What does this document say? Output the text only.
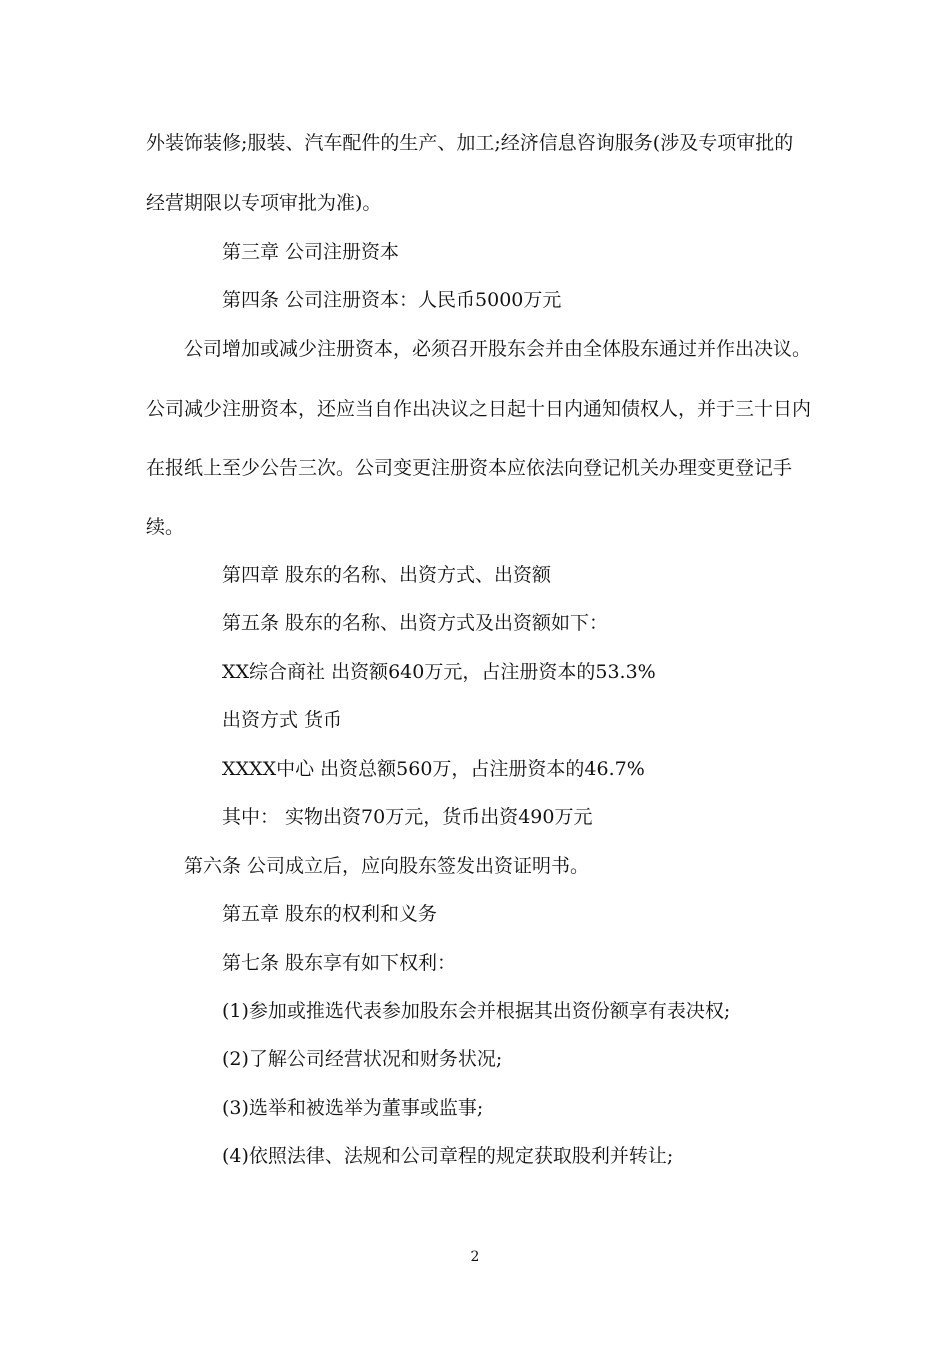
外装饰装修;服装、汽车配件的生产、加工;经济信息咨询服务(涉及专项审批的
经营期限以专项审批为准)。
第三章 公司注册资本
第四条 公司注册资本：人民币5000万元
公司增加或减少注册资本，必须召开股东会并由全体股东通过并作出决议。
公司减少注册资本，还应当自作出决议之日起十日内通知债权人，并于三十日内
在报纸上至少公告三次。公司变更注册资本应依法向登记机关办理变更登记手
续。
第四章 股东的名称、出资方式、出资额
第五条 股东的名称、出资方式及出资额如下：
XX综合商社 出资额640万元，占注册资本的53.3%
出资方式 货币
XXXX中心 出资总额560万，占注册资本的46.7%
其中： 实物出资70万元，货币出资490万元
第六条 公司成立后，应向股东签发出资证明书。
第五章 股东的权利和义务
第七条 股东享有如下权利：
(1)参加或推选代表参加股东会并根据其出资份额享有表决权;
(2)了解公司经营状况和财务状况;
(3)选举和被选举为董事或监事;
(4)依照法律、法规和公司章程的规定获取股利并转让;
2
